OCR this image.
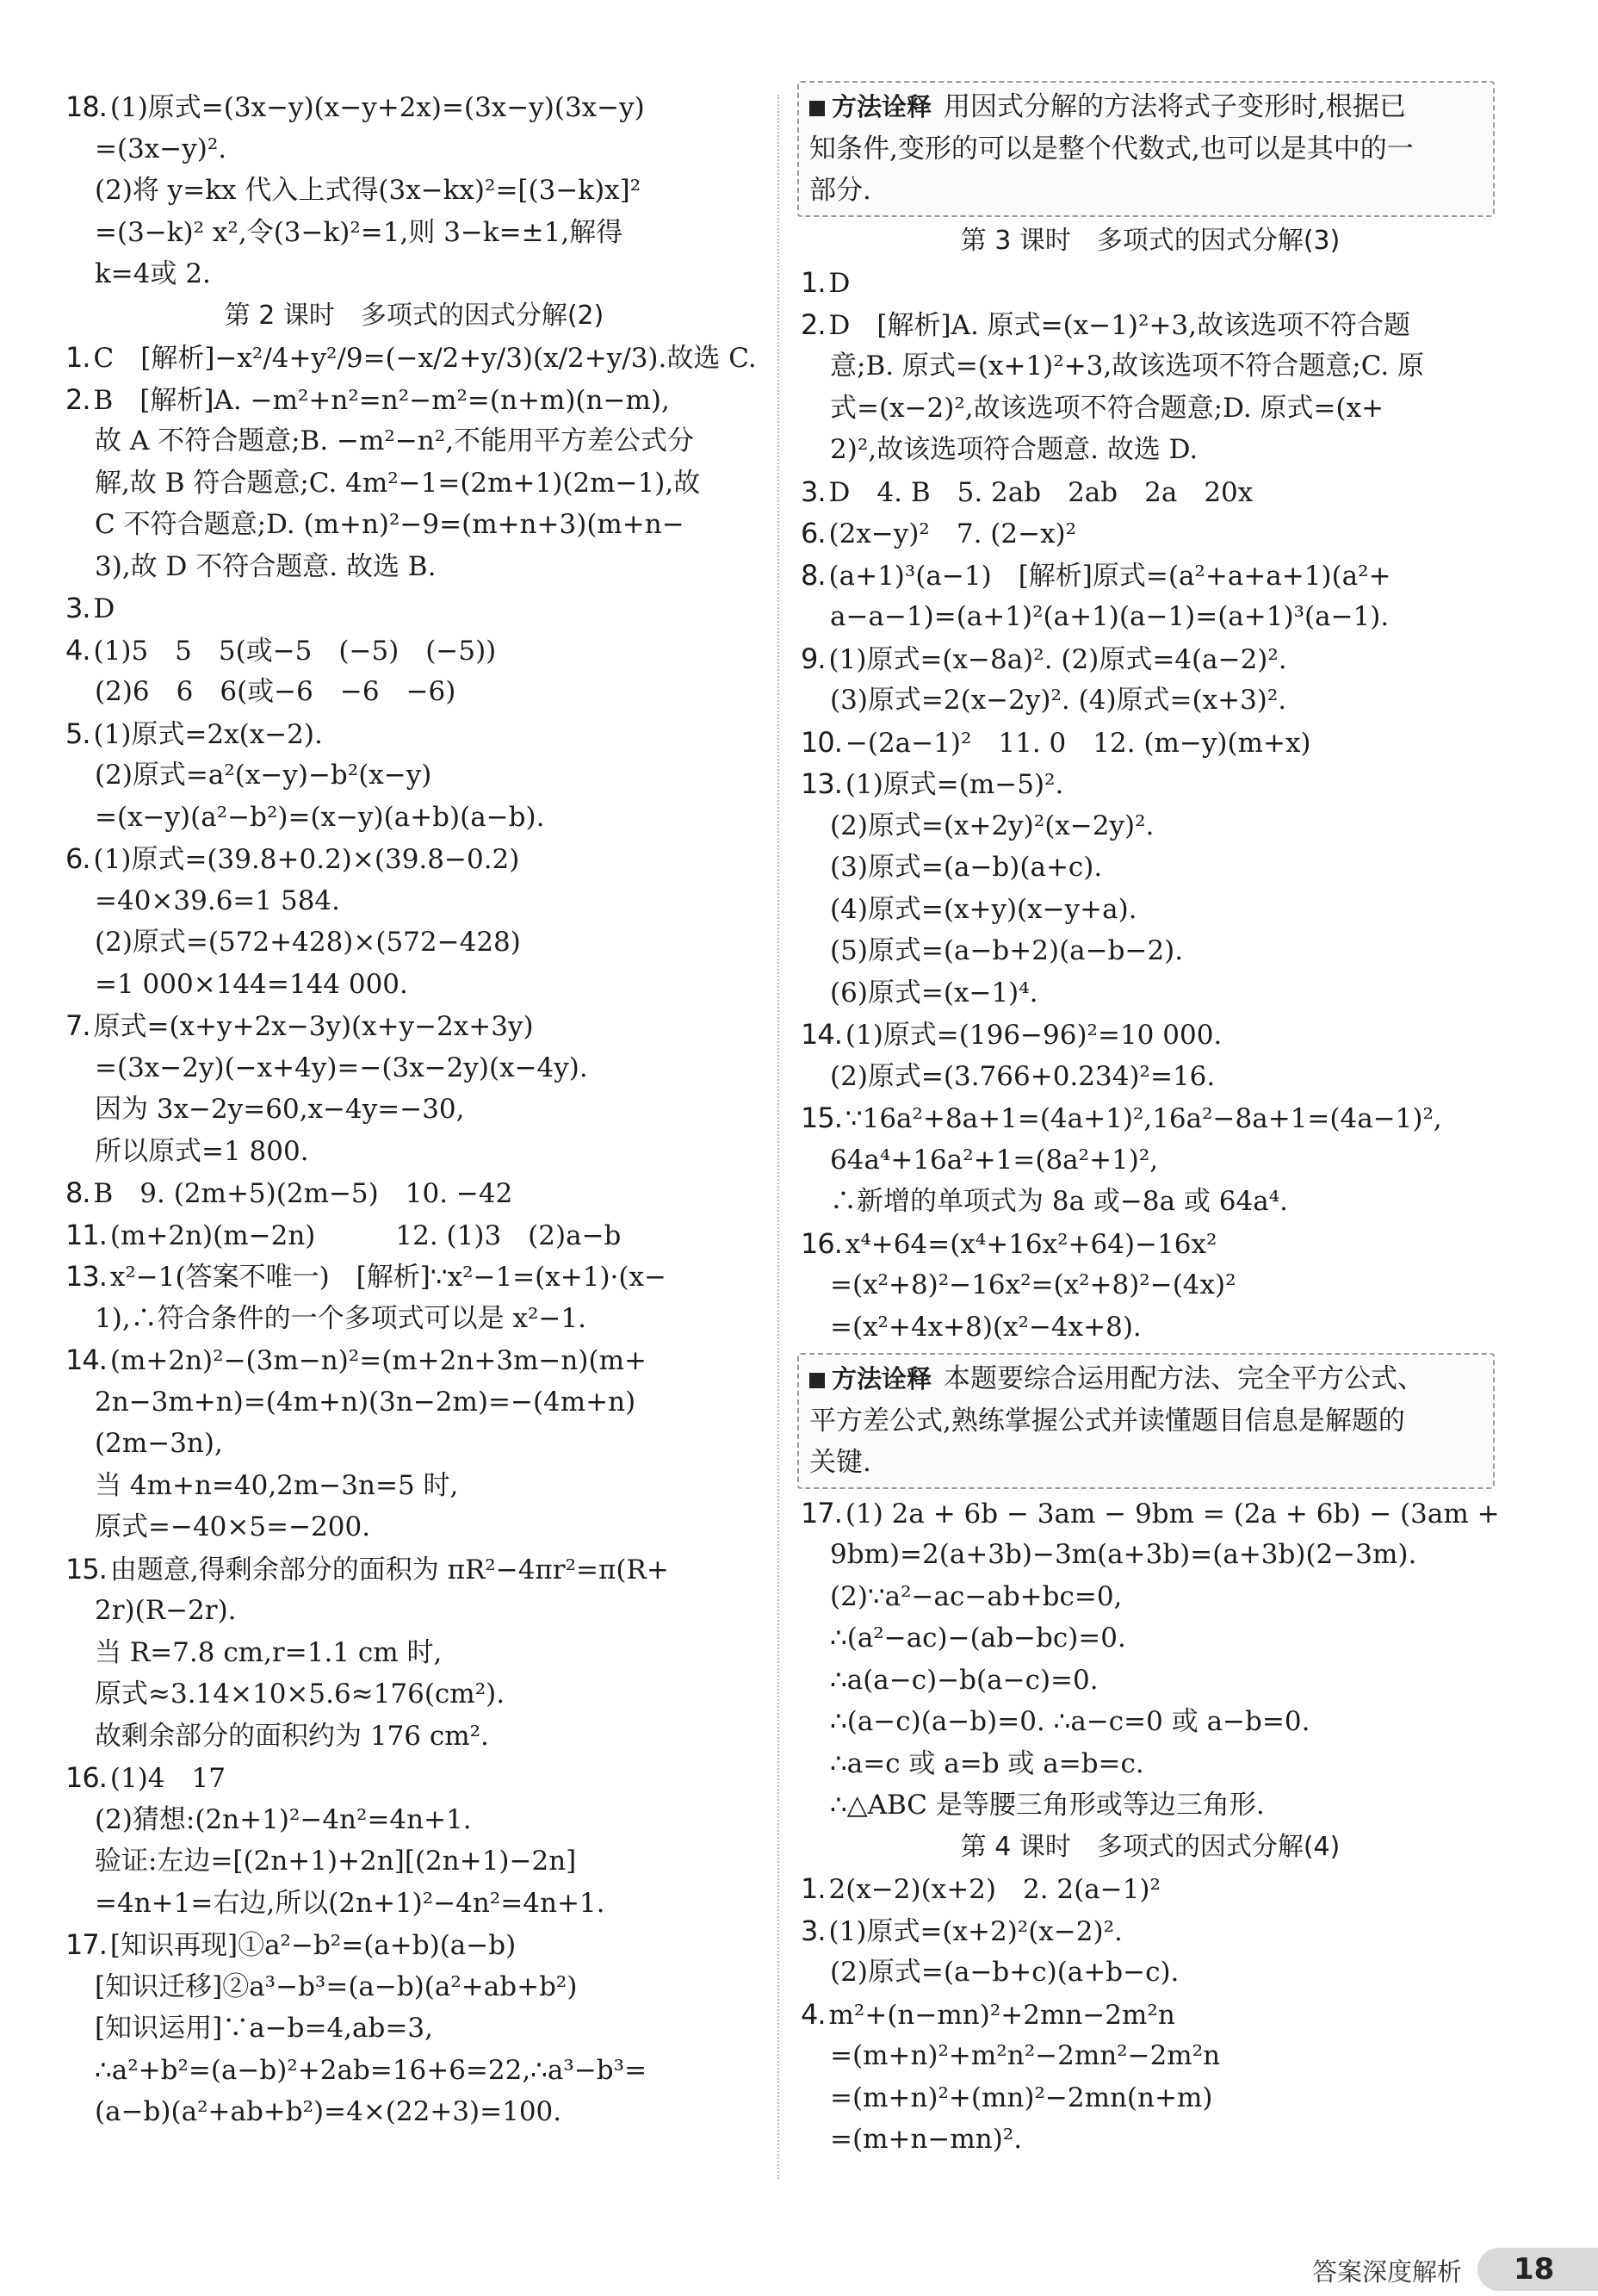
18. (1)原式=(3x−y)(x−y+2x)=(3x−y)(3x−y)
=(3x−y)².
(2)将 y=kx 代入上式得(3x−kx)²=[(3−k)x]²
=(3−k)² x²,令(3−k)²=1,则 3−k=±1,解得
k=4或 2.
第 2 课时　多项式的因式分解(2)
1. C　[解析]−x²/4+y²/9=(−x/2+y/3)(x/2+y/3).故选 C.
2. B　[解析]A. −m²+n²=n²−m²=(n+m)(n−m),
故 A 不符合题意;B. −m²−n²,不能用平方差公式分
解,故 B 符合题意;C. 4m²−1=(2m+1)(2m−1),故
C 不符合题意;D. (m+n)²−9=(m+n+3)(m+n−
3),故 D 不符合题意. 故选 B.
3. D
4. (1)5　5　5(或−5　(−5)　(−5))
(2)6　6　6(或−6　−6　−6)
5. (1)原式=2x(x−2).
(2)原式=a²(x−y)−b²(x−y)
=(x−y)(a²−b²)=(x−y)(a+b)(a−b).
6. (1)原式=(39.8+0.2)×(39.8−0.2)
=40×39.6=1 584.
(2)原式=(572+428)×(572−428)
=1 000×144=144 000.
7. 原式=(x+y+2x−3y)(x+y−2x+3y)
=(3x−2y)(−x+4y)=−(3x−2y)(x−4y).
因为 3x−2y=60,x−4y=−30,
所以原式=1 800.
8. B　9. (2m+5)(2m−5)　10. −42
11. (m+2n)(m−2n)　　　12. (1)3　(2)a−b
13. x²−1(答案不唯一)　[解析]∵x²−1=(x+1)·(x−
1),∴符合条件的一个多项式可以是 x²−1.
14. (m+2n)²−(3m−n)²=(m+2n+3m−n)(m+
2n−3m+n)=(4m+n)(3n−2m)=−(4m+n)
(2m−3n),
当 4m+n=40,2m−3n=5 时,
原式=−40×5=−200.
15. 由题意,得剩余部分的面积为 πR²−4πr²=π(R+
2r)(R−2r).
当 R=7.8 cm,r=1.1 cm 时,
原式≈3.14×10×5.6≈176(cm²).
故剩余部分的面积约为 176 cm².
16. (1)4　17
(2)猜想:(2n+1)²−4n²=4n+1.
验证:左边=[(2n+1)+2n][(2n+1)−2n]
=4n+1=右边,所以(2n+1)²−4n²=4n+1.
17. [知识再现]①a²−b²=(a+b)(a−b)
[知识迁移]②a³−b³=(a−b)(a²+ab+b²)
[知识运用]∵a−b=4,ab=3,
∴a²+b²=(a−b)²+2ab=16+6=22,∴a³−b³=
(a−b)(a²+ab+b²)=4×(22+3)=100.
方法诠释 用因式分解的方法将式子变形时,根据已
知条件,变形的可以是整个代数式,也可以是其中的一
部分.
第 3 课时　多项式的因式分解(3)
1. D
2. D　[解析]A. 原式=(x−1)²+3,故该选项不符合题
意;B. 原式=(x+1)²+3,故该选项不符合题意;C. 原
式=(x−2)²,故该选项不符合题意;D. 原式=(x+
2)²,故该选项符合题意. 故选 D.
3. D　4. B　5. 2ab　2ab　2a　20x
6. (2x−y)²　7. (2−x)²
8. (a+1)³(a−1)　[解析]原式=(a²+a+a+1)(a²+
a−a−1)=(a+1)²(a+1)(a−1)=(a+1)³(a−1).
9. (1)原式=(x−8a)². (2)原式=4(a−2)².
(3)原式=2(x−2y)². (4)原式=(x+3)².
10. −(2a−1)²　11. 0　12. (m−y)(m+x)
13. (1)原式=(m−5)².
(2)原式=(x+2y)²(x−2y)².
(3)原式=(a−b)(a+c).
(4)原式=(x+y)(x−y+a).
(5)原式=(a−b+2)(a−b−2).
(6)原式=(x−1)⁴.
14. (1)原式=(196−96)²=10 000.
(2)原式=(3.766+0.234)²=16.
15. ∵16a²+8a+1=(4a+1)²,16a²−8a+1=(4a−1)²,
64a⁴+16a²+1=(8a²+1)²,
∴新增的单项式为 8a 或−8a 或 64a⁴.
16. x⁴+64=(x⁴+16x²+64)−16x²
=(x²+8)²−16x²=(x²+8)²−(4x)²
=(x²+4x+8)(x²−4x+8).
方法诠释 本题要综合运用配方法、完全平方公式、
平方差公式,熟练掌握公式并读懂题目信息是解题的
关键.
17. (1) 2a + 6b − 3am − 9bm = (2a + 6b) − (3am +
9bm)=2(a+3b)−3m(a+3b)=(a+3b)(2−3m).
(2)∵a²−ac−ab+bc=0,
∴(a²−ac)−(ab−bc)=0.
∴a(a−c)−b(a−c)=0.
∴(a−c)(a−b)=0. ∴a−c=0 或 a−b=0.
∴a=c 或 a=b 或 a=b=c.
∴△ABC 是等腰三角形或等边三角形.
第 4 课时　多项式的因式分解(4)
1. 2(x−2)(x+2)　2. 2(a−1)²
3. (1)原式=(x+2)²(x−2)².
(2)原式=(a−b+c)(a+b−c).
4. m²+(n−mn)²+2mn−2m²n
=(m+n)²+m²n²−2mn²−2m²n
=(m+n)²+(mn)²−2mn(n+m)
=(m+n−mn)².
答案深度解析	18
